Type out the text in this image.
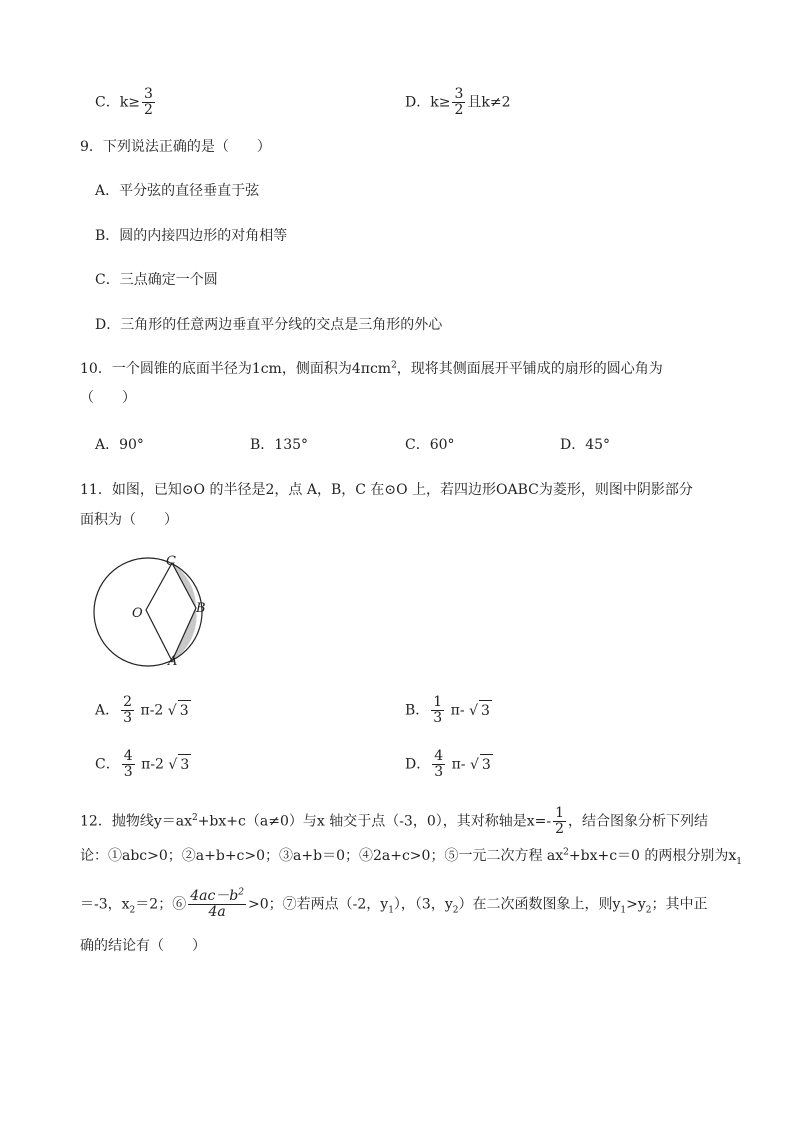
C．$k\ge \frac{3}{2}$	D．$k\ge \frac{3}{2}$ 且k≠2
9．下列说法正确的是（　　）
A．平分弦的直径垂直于弦
B．圆的内接四边形的对角相等
C．三点确定一个圆
D．三角形的任意两边垂直平分线的交点是三角形的外心
10．一个圆锥的底面半径为1cm，侧面积为4πcm$^2$，现将其侧面展开平铺成的扇形的圆心角为
（　　）
A．90°	B．135°	C．60°	D．45°
11．如图，已知⊙O 的半径是2，点 A，B，C 在⊙O 上，若四边形OABC为菱形，则图中阴影部分
面积为（　　）
C
O	B
A
A． $\frac{2}{3} \pi-2$ √ 3	B． $\frac{1}{3} \pi-$ √ 3
C． $\frac{4}{3} \pi-2$ √ 3	D． $\frac{4}{3} \pi-$ √ 3
12．抛物线$y=ax^2+bx+c(a\ne 0)$与x 轴交于点（-3，0），其对称轴是$x=- \frac{1}{2}$ ，结合图象分析下列结
论：①abc>0；②a+b+c>0；③a+b＝0；④2a+c>0；⑤一元二次方程 $ax^2+bx+c=0$ 的两根分别为$x_1$
＝-3，$x_2=2$；⑥ $\frac{4ac-b^2}{4a} >0$；⑦若两点（-2，$y_1$），（3，$y_2$）在二次函数图象上，则$y_1>y_2$；其中正
确的结论有（　　）
